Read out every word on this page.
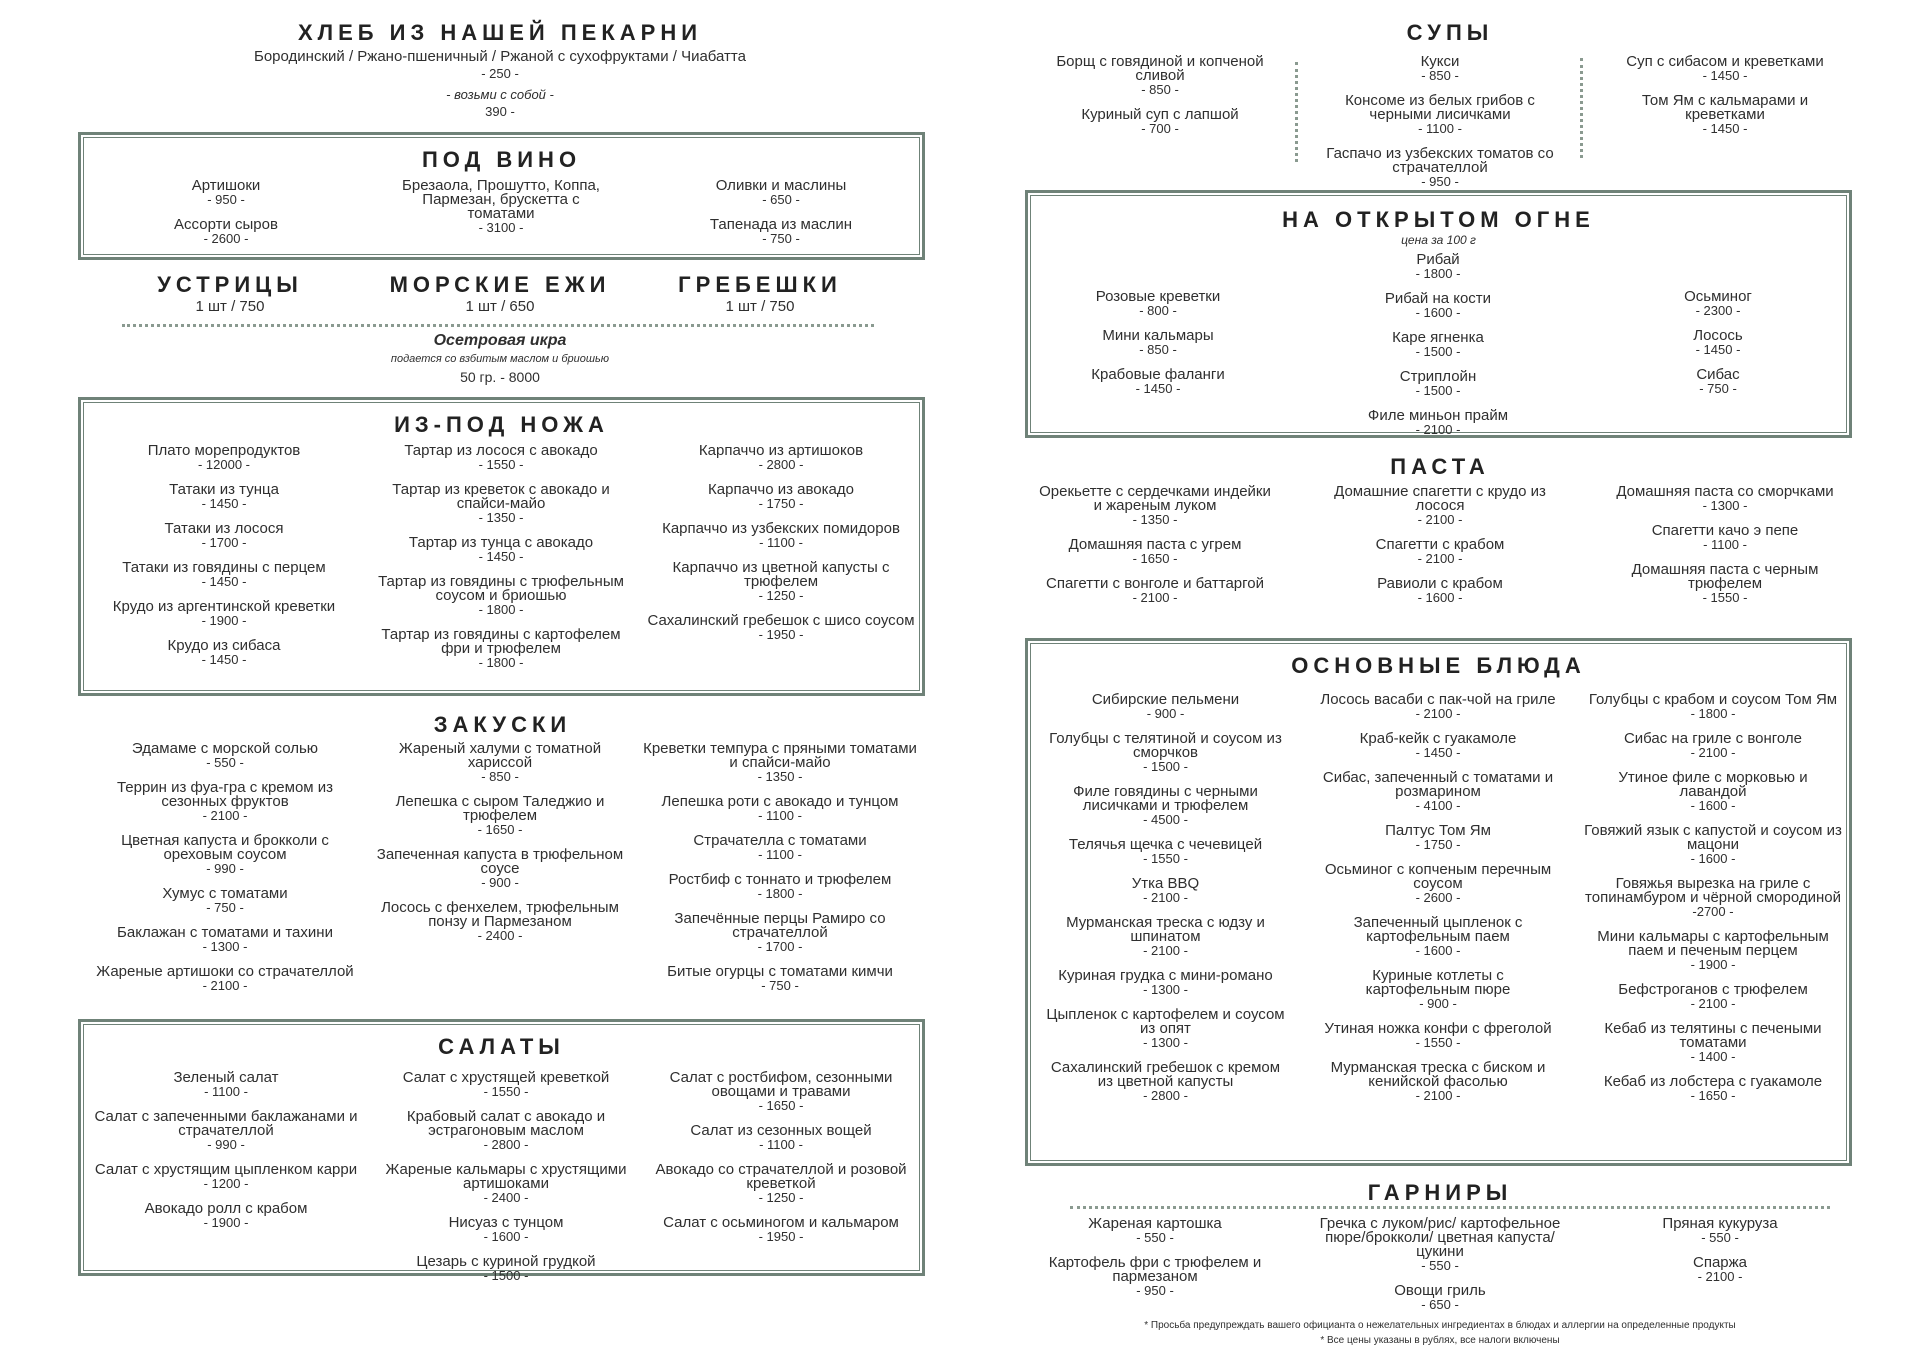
ХЛЕБ ИЗ НАШЕЙ ПЕКАРНИ
Бородинский / Ржано-пшеничный / Ржаной с сухофруктами / Чиабатта
- 250 -
- возьми с собой -
390 -
ПОД ВИНО
Артишоки
- 950 -
Ассорти сыров
- 2600 -
Брезаола, Прошутто, Коппа, Пармезан, брускетта с томатами
- 3100 -
Оливки и маслины
- 650 -
Тапенада из маслин
- 750 -
УСТРИЦЫ
1 шт / 750
МОРСКИЕ ЕЖИ
1 шт / 650
ГРЕБЕШКИ
1 шт / 750
Осетровая икра
подается со взбитым маслом и бриошью
50 гр. - 8000
ИЗ-ПОД НОЖА
Плато морепродуктов
- 12000 -
Татаки из тунца
- 1450 -
Татаки из лосося
- 1700 -
Татаки из говядины с перцем
- 1450 -
Крудо из аргентинской креветки
- 1900 -
Крудо из сибаса
- 1450 -
Тартар из лосося с авокадо
- 1550 -
Тартар из креветок с авокадо и спайси-майо
- 1350 -
Тартар из тунца с авокадо
- 1450 -
Тартар из говядины с трюфельным соусом и бриошью
- 1800 -
Тартар из говядины с картофелем фри и трюфелем
- 1800 -
Карпаччо из артишоков
- 2800 -
Карпаччо из авокадо
- 1750 -
Карпаччо из узбекских помидоров
- 1100 -
Карпаччо из цветной капусты с трюфелем
- 1250 -
Сахалинский гребешок с шисо соусом
- 1950 -
ЗАКУСКИ
Эдамаме с морской солью
- 550 -
Террин из фуа-гра с кремом из сезонных фруктов
- 2100 -
Цветная капуста и брокколи с ореховым соусом
- 990 -
Хумус с томатами
- 750 -
Баклажан с томатами и тахини
- 1300 -
Жареные артишоки со страчателлой
- 2100 -
Жареный халуми с томатной хариссой
- 850 -
Лепешка с сыром Таледжио и трюфелем
- 1650 -
Запеченная капуста в трюфельном соусе
- 900 -
Лосось с фенхелем, трюфельным понзу и Пармезаном
- 2400 -
Креветки темпура с пряными томатами и спайси-майо
- 1350 -
Лепешка роти с авокадо и тунцом
- 1100 -
Страчателла с томатами
- 1100 -
Ростбиф с тоннато и трюфелем
- 1800 -
Запечённые перцы Рамиро со страчателлой
- 1700 -
Битые огурцы с томатами кимчи
- 750 -
САЛАТЫ
Зеленый салат
- 1100 -
Салат с запеченными баклажанами и страчателлой
- 990 -
Салат с хрустящим цыпленком карри
- 1200 -
Авокадо ролл с крабом
- 1900 -
Салат с хрустящей креветкой
- 1550 -
Крабовый салат с авокадо и эстрагоновым маслом
- 2800 -
Жареные кальмары с хрустящими артишоками
- 2400 -
Нисуаз с тунцом
- 1600 -
Цезарь с куриной грудкой
- 1500 -
Салат с ростбифом, сезонными овощами и травами
- 1650 -
Салат из сезонных вощей
- 1100 -
Авокадо со страчателлой и розовой креветкой
- 1250 -
Салат с осьминогом и кальмаром
- 1950 -
СУПЫ
Борщ с говядиной и копченой сливой
- 850 -
Куриный суп с лапшой
- 700 -
Кукси
- 850 -
Консоме из белых грибов с черными лисичками
- 1100 -
Гаспачо из узбекских томатов со страчателлой
- 950 -
Суп с сибасом и креветками
- 1450 -
Том Ям с кальмарами и креветками
- 1450 -
НА ОТКРЫТОМ ОГНЕ
цена за 100 г
Розовые креветки
- 800 -
Мини кальмары
- 850 -
Крабовые фаланги
- 1450 -
Рибай
- 1800 -
Рибай на кости
- 1600 -
Каре ягненка
- 1500 -
Стриплойн
- 1500 -
Филе миньон прайм
- 2100 -
Осьминог
- 2300 -
Лосось
- 1450 -
Сибас
- 750 -
ПАСТА
Орекьетте с сердечками индейки и жареным луком
- 1350 -
Домашняя паста с угрем
- 1650 -
Спагетти с вонголе и баттаргой
- 2100 -
Домашние спагетти с крудо из лосося
- 2100 -
Спагетти с крабом
- 2100 -
Равиоли с крабом
- 1600 -
Домашняя паста со сморчками
- 1300 -
Спагетти качо э пепе
- 1100 -
Домашняя паста с черным трюфелем
- 1550 -
ОСНОВНЫЕ БЛЮДА
Сибирские пельмени
- 900 -
Голубцы с телятиной и соусом из сморчков
- 1500 -
Филе говядины с черными лисичками и трюфелем
- 4500 -
Телячья щечка с чечевицей
- 1550 -
Утка BBQ
- 2100 -
Мурманская треска с юдзу и шпинатом
- 2100 -
Куриная грудка с мини-романо
- 1300 -
Цыпленок с картофелем и соусом из опят
- 1300 -
Сахалинский гребешок с кремом из цветной капусты
- 2800 -
Лосось васаби с пак-чой на гриле
- 2100 -
Краб-кейк с гуакамоле
- 1450 -
Сибас, запеченный с томатами и розмарином
- 4100 -
Палтус Том Ям
- 1750 -
Осьминог с копченым перечным соусом
- 2600 -
Запеченный цыпленок с картофельным паем
- 1600 -
Куриные котлеты с картофельным пюре
- 900 -
Утиная ножка конфи с фреголой
- 1550 -
Мурманская треска с биском и кенийской фасолью
- 2100 -
Голубцы с крабом и соусом Том Ям
- 1800 -
Сибас на гриле с вонголе
- 2100 -
Утиное филе с морковью и лавандой
- 1600 -
Говяжий язык с капустой и соусом из мацони
- 1600 -
Говяжья вырезка на гриле с топинамбуром и чёрной смородиной
-2700 -
Мини кальмары с картофельным паем и печеным перцем
- 1900 -
Бефстроганов с трюфелем
- 2100 -
Кебаб из телятины с печеными томатами
- 1400 -
Кебаб из лобстера с гуакамоле
- 1650 -
ГАРНИРЫ
Жареная картошка
- 550 -
Картофель фри с трюфелем и пармезаном
- 950 -
Гречка с луком/рис/ картофельное пюре/брокколи/ цветная капуста/цукини
- 550 -
Овощи гриль
- 650 -
Пряная кукуруза
- 550 -
Спаржа
- 2100 -
* Просьба предупреждать вашего официанта о нежелательных ингредиентах в блюдах и аллергии на определенные продукты
* Все цены указаны в рублях, все налоги включены
